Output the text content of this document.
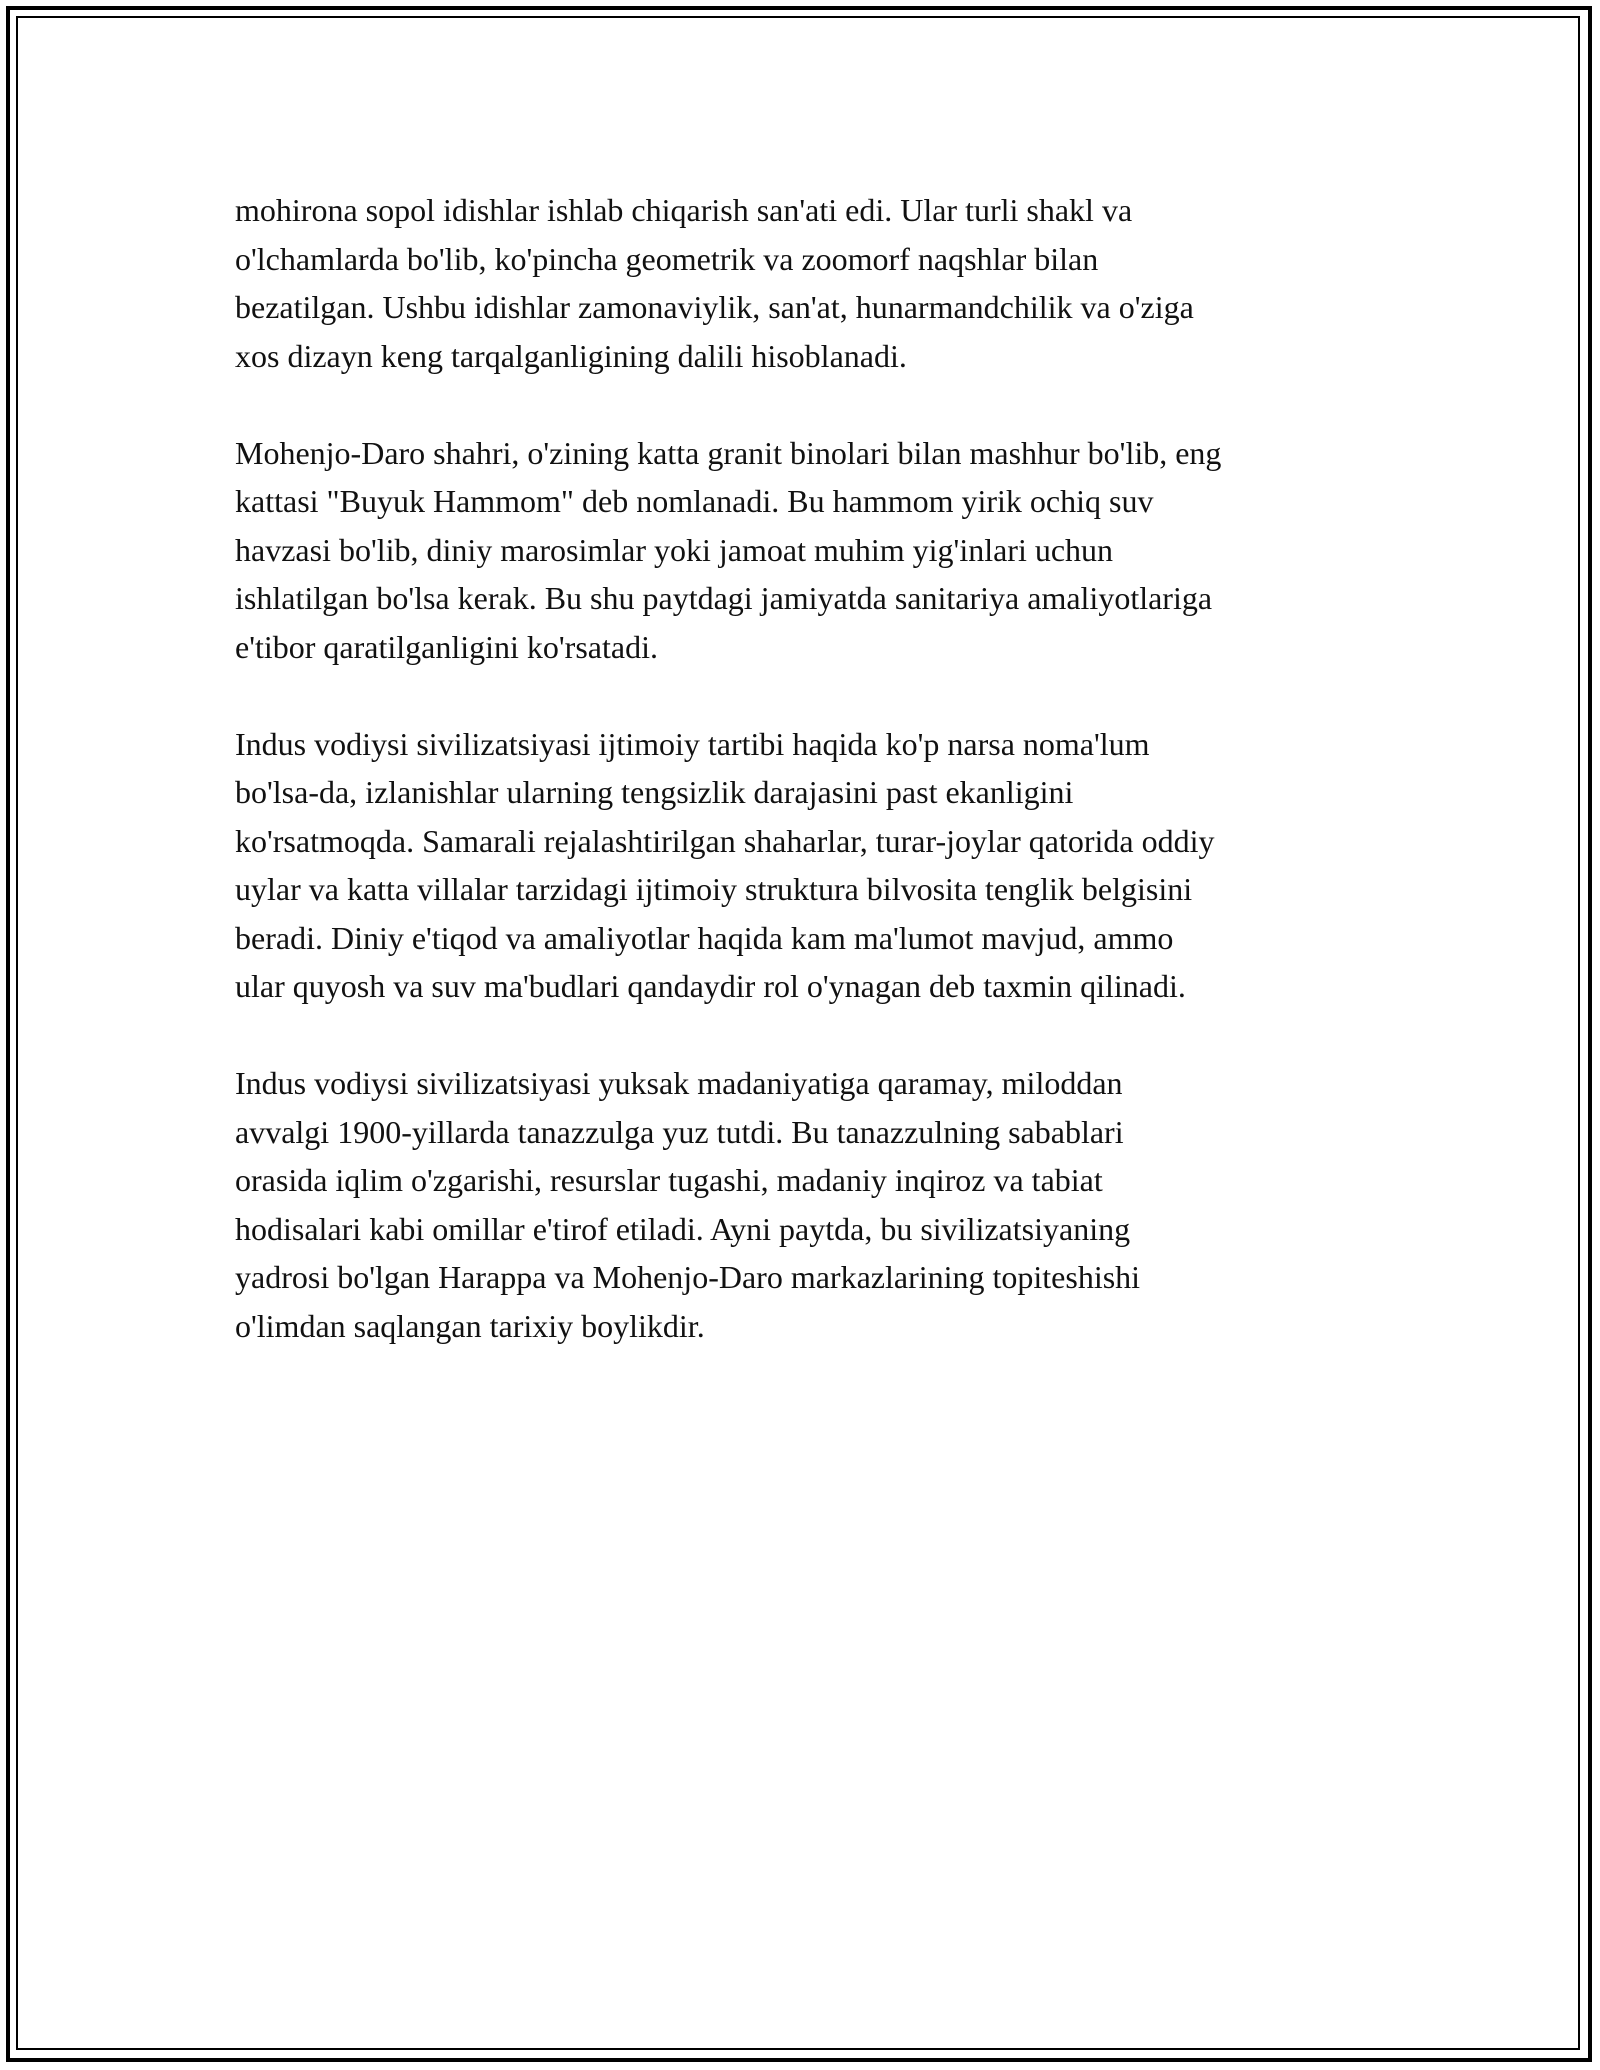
mohirona sopol idishlar ishlab chiqarish san'ati edi. Ular turli shakl va
o'lchamlarda bo'lib, ko'pincha geometrik va zoomorf naqshlar bilan
bezatilgan. Ushbu idishlar zamonaviylik, san'at, hunarmandchilik va o'ziga
xos dizayn keng tarqalganligining dalili hisoblanadi.

Mohenjo-Daro shahri, o'zining katta granit binolari bilan mashhur bo'lib, eng
kattasi "Buyuk Hammom" deb nomlanadi. Bu hammom yirik ochiq suv
havzasi bo'lib, diniy marosimlar yoki jamoat muhim yig'inlari uchun
ishlatilgan bo'lsa kerak. Bu shu paytdagi jamiyatda sanitariya amaliyotlariga
e'tibor qaratilganligini ko'rsatadi.

Indus vodiysi sivilizatsiyasi ijtimoiy tartibi haqida ko'p narsa noma'lum
bo'lsa-da, izlanishlar ularning tengsizlik darajasini past ekanligini
ko'rsatmoqda. Samarali rejalashtirilgan shaharlar, turar-joylar qatorida oddiy
uylar va katta villalar tarzidagi ijtimoiy struktura bilvosita tenglik belgisini
beradi. Diniy e'tiqod va amaliyotlar haqida kam ma'lumot mavjud, ammo
ular quyosh va suv ma'budlari qandaydir rol o'ynagan deb taxmin qilinadi.

Indus vodiysi sivilizatsiyasi yuksak madaniyatiga qaramay, miloddan
avvalgi 1900-yillarda tanazzulga yuz tutdi. Bu tanazzulning sabablari
orasida iqlim o'zgarishi, resurslar tugashi, madaniy inqiroz va tabiat
hodisalari kabi omillar e'tirof etiladi. Ayni paytda, bu sivilizatsiyaning
yadrosi bo'lgan Harappa va Mohenjo-Daro markazlarining topiteshishi
o'limdan saqlangan tarixiy boylikdir.
